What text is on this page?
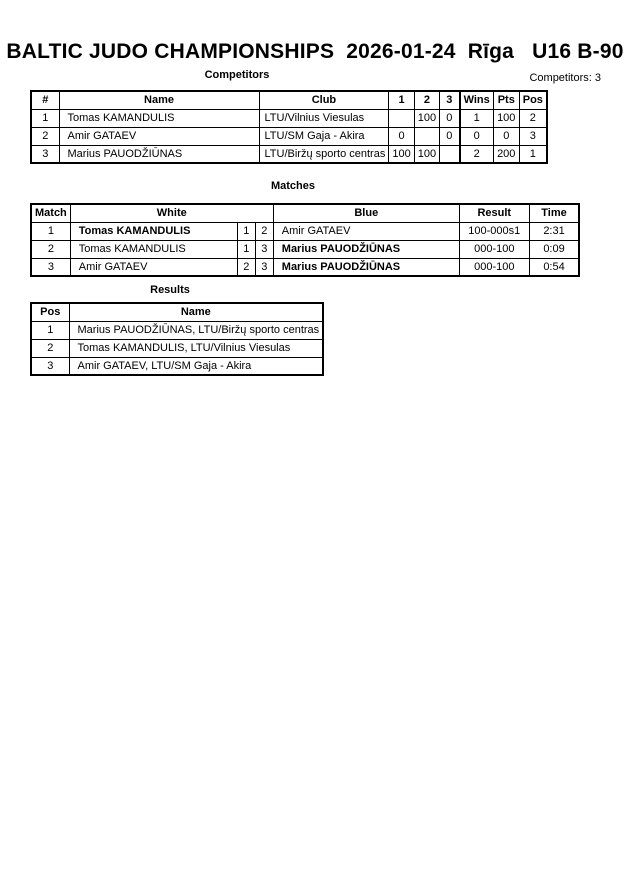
BALTIC JUDO CHAMPIONSHIPS  2026-01-24  Rīga   U16 B-90
Competitors	Competitors: 3
#	Name	Club	1	2	3	Wins	Pts	Pos
1	Tomas KAMANDULIS	LTU/Vilnius Viesulas		100	0	1	100	2
2	Amir GATAEV	LTU/SM Gaja - Akira	0		0	0	0	3
3	Marius PAUODŽIŪNAS	LTU/Biržų sporto centras	100	100		2	200	1
Matches
Match	White			Blue	Result	Time
1	Tomas KAMANDULIS	1	2	Amir GATAEV	100-000s1	2:31
2	Tomas KAMANDULIS	1	3	Marius PAUODŽIŪNAS	000-100	0:09
3	Amir GATAEV	2	3	Marius PAUODŽIŪNAS	000-100	0:54
Results
Pos	Name
1	Marius PAUODŽIŪNAS, LTU/Biržų sporto centras
2	Tomas KAMANDULIS, LTU/Vilnius Viesulas
3	Amir GATAEV, LTU/SM Gaja - Akira
